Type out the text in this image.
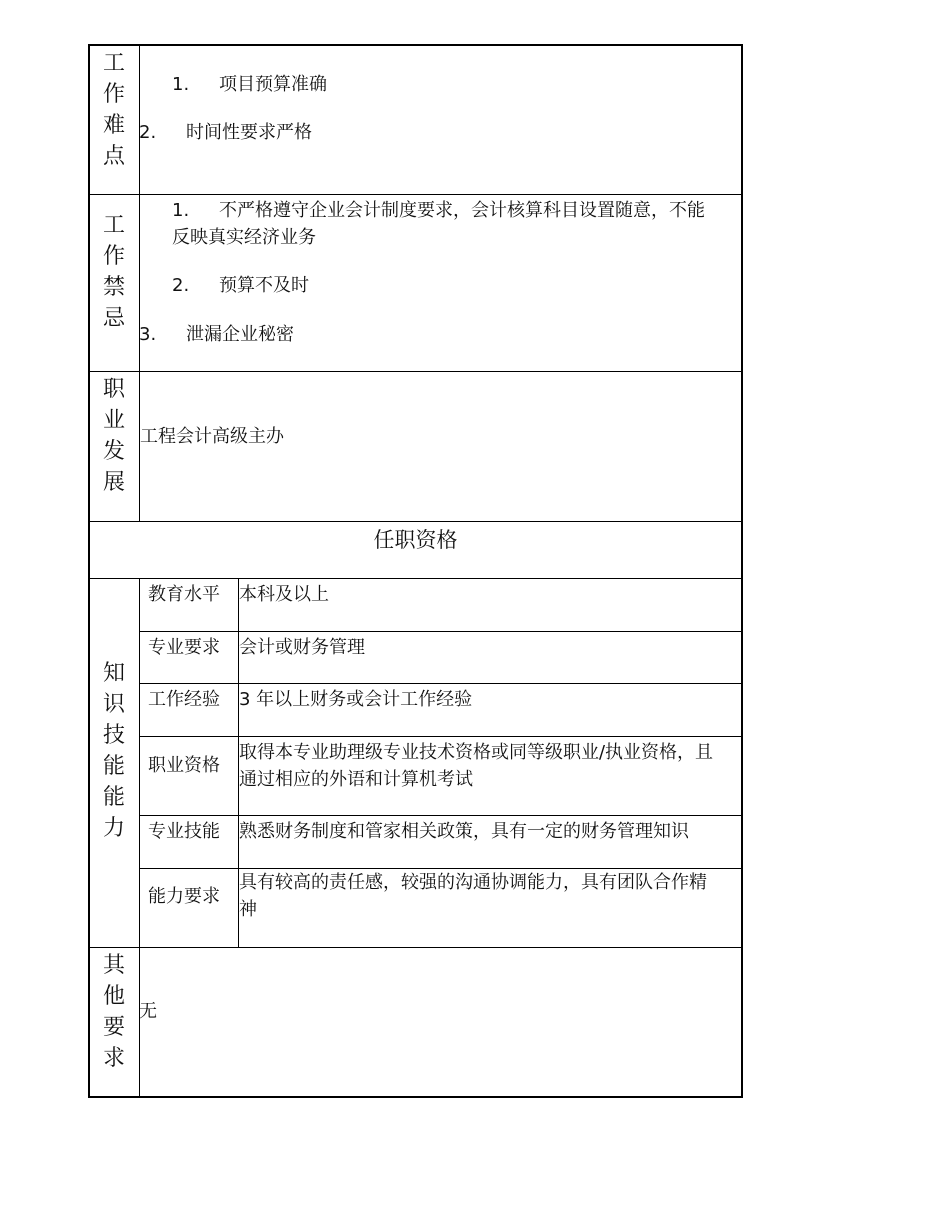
工
作
难
点
1. 项目预算准确
2. 时间性要求严格
工
作
禁
忌
1. 不严格遵守企业会计制度要求，会计核算科目设置随意，不能
反映真实经济业务
2. 预算不及时
3. 泄漏企业秘密
职
业
发
展
工程会计高级主办
任职资格
知
识
技
能
能
力
教育水平 本科及以上
专业要求 会计或财务管理
工作经验 3 年以上财务或会计工作经验
职业资格
取得本专业助理级专业技术资格或同等级职业/执业资格，且
通过相应的外语和计算机考试
专业技能 熟悉财务制度和管家相关政策，具有一定的财务管理知识
能力要求
具有较高的责任感，较强的沟通协调能力，具有团队合作精
神
其
他
要
求
无
